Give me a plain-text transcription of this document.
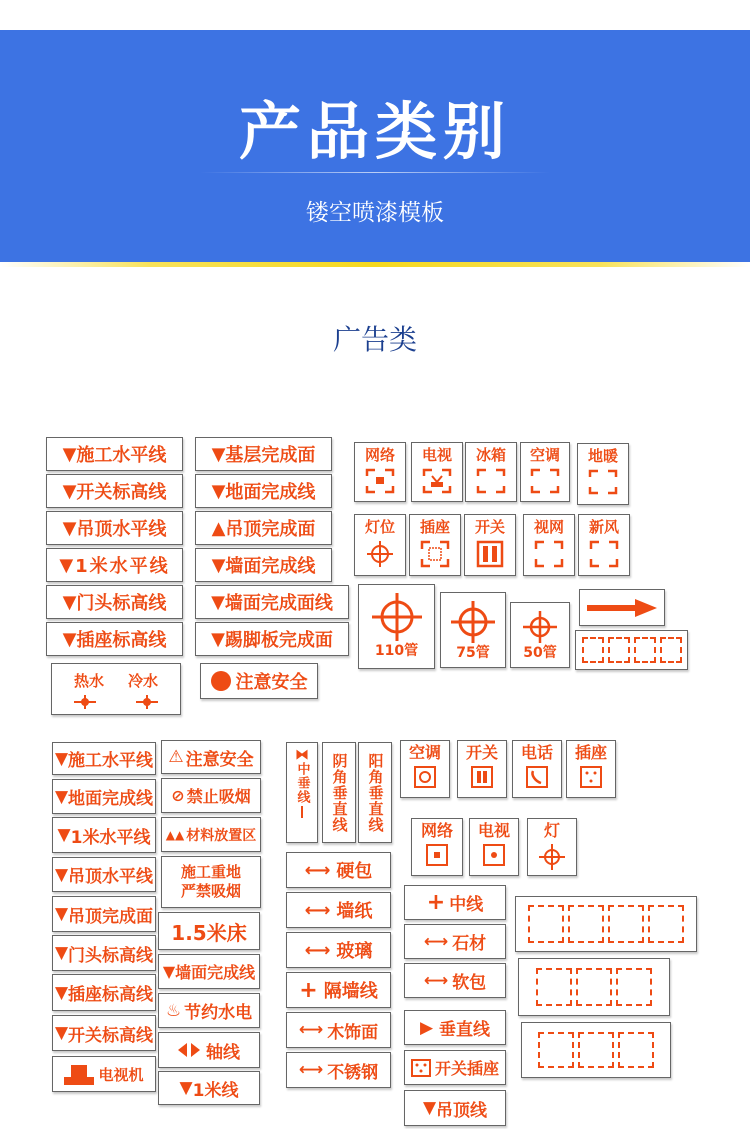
产品类别
镂空喷漆模板
广告类
▼ 施工水平线
▼ 开关标高线
▼ 吊顶水平线
▼ 1米水平线
▼ 门头标高线
▼ 插座标高线
热水 冷水
▼ 基层完成面
▼ 地面完成线
▲ 吊顶完成面
▼ 墙面完成线
▼ 墙面完成面线
▼ 踢脚板完成面
注意安全
网络 电视 冰箱 空调 地暖
灯位 插座 开关 视网 新风
110管	75管 50管
▼ 施工水平线
▼ 地面完成线
▼ 1米水平线
▼ 吊顶水平线
▼ 吊顶完成面
▼ 门头标高线
▼ 插座标高线
▼ 开关标高线
电视机
⚠ 注意安全
⊘ 禁止吸烟
▲▲ 材料放置区
施工重地
严禁吸烟
1.5米床
▼ 墙面完成线
♨ 节约水电
轴线
▼ 1米线
⧓
中垂线 阴角垂直线 阳角垂直线
⟷ 硬包
⟷ 墙纸
⟷ 玻璃
+ 隔墙线
⟷ 木饰面
⟷ 不锈钢
空调 开关 电话 插座
网络 电视 灯
+ 中线
⟷ 石材
⟷ 软包
▶ 垂直线
开关插座
▼ 吊顶线
